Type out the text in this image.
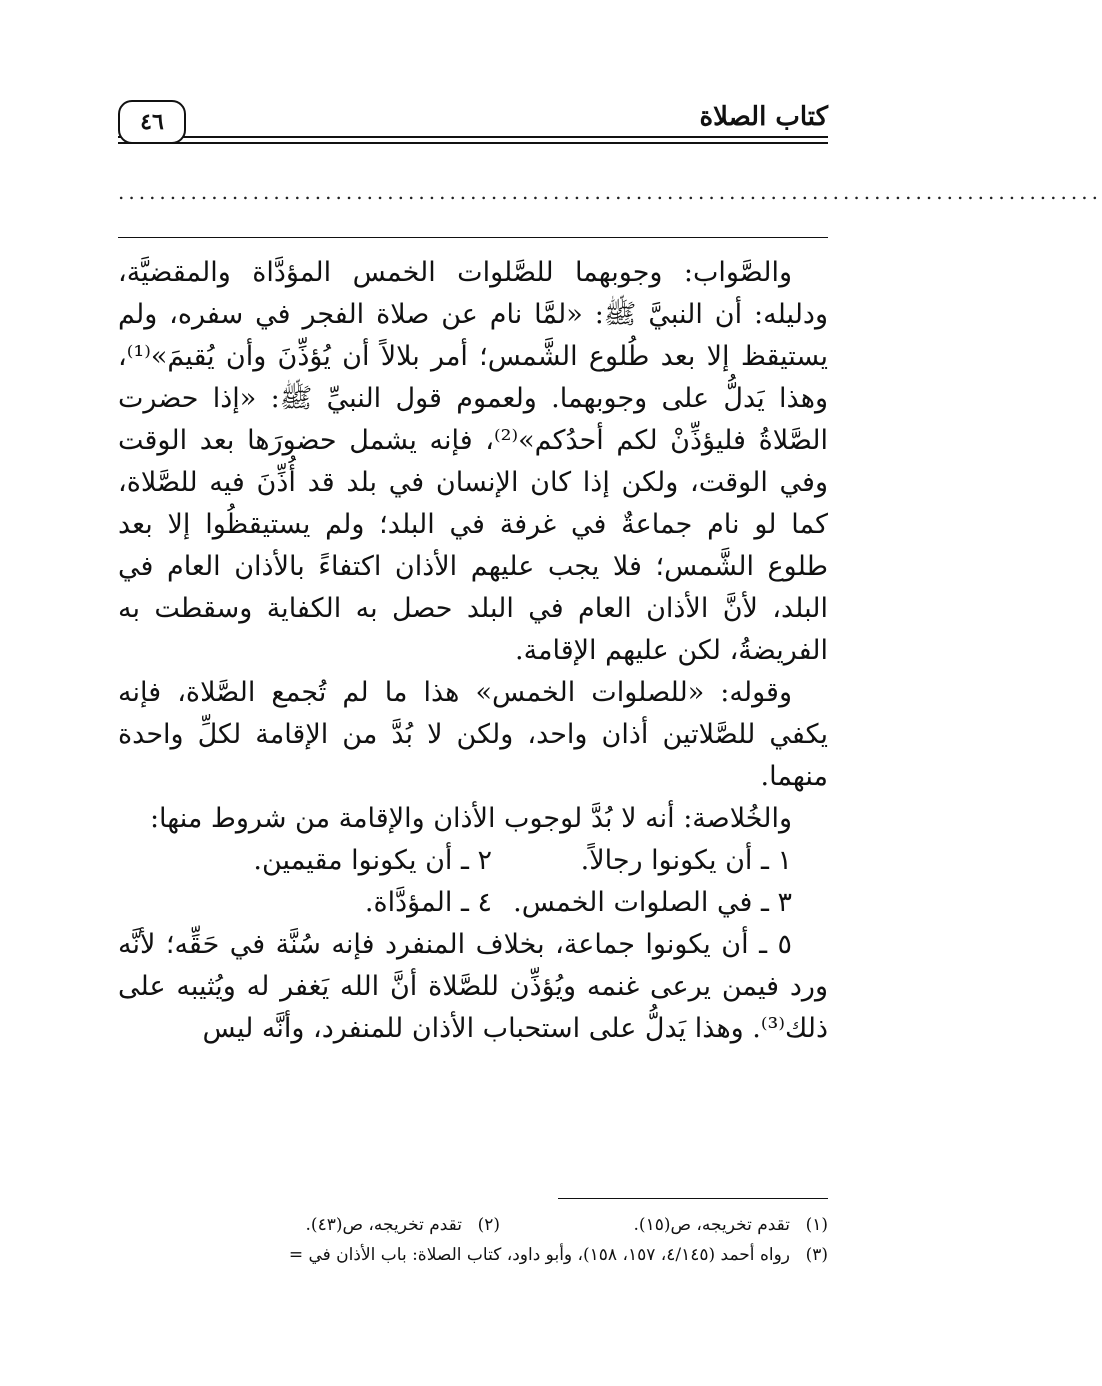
٤٦	كتاب الصلاة
...............................................................................................

والصَّواب: وجوبهما للصَّلوات الخمس المؤدَّاة والمقضيَّة، ودليله: أن النبيَّ ﷺ: «لمَّا نام عن صلاة الفجر في سفره، ولم يستيقظ إلا بعد طُلوع الشَّمس؛ أمر بلالاً أن يُؤذِّنَ وأن يُقيمَ»⁽¹⁾، وهذا يَدلُّ على وجوبهما. ولعموم قول النبيِّ ﷺ: «إذا حضرت الصَّلاةُ فليؤذِّنْ لكم أحدُكم»⁽²⁾، فإنه يشمل حضورَها بعد الوقت وفي الوقت، ولكن إذا كان الإنسان في بلد قد أُذِّنَ فيه للصَّلاة، كما لو نام جماعةٌ في غرفة في البلد؛ ولم يستيقظُوا إلا بعد طلوع الشَّمس؛ فلا يجب عليهم الأذان اكتفاءً بالأذان العام في البلد، لأنَّ الأذان العام في البلد حصل به الكفاية وسقطت به الفريضةُ، لكن عليهم الإقامة.

وقوله: «للصلوات الخمس» هذا ما لم تُجمع الصَّلاة، فإنه يكفي للصَّلاتين أذان واحد، ولكن لا بُدَّ من الإقامة لكلِّ واحدة منهما.

والخُلاصة: أنه لا بُدَّ لوجوب الأذان والإقامة من شروط منها:

١ ـ أن يكونوا رجالاً.
٢ ـ أن يكونوا مقيمين.
٣ ـ في الصلوات الخمس.
٤ ـ المؤدَّاة.

٥ ـ أن يكونوا جماعة، بخلاف المنفرد فإنه سُنَّة في حَقِّه؛ لأنَّه ورد فيمن يرعى غنمه ويُؤذِّن للصَّلاة أنَّ الله يَغفر له ويُثيبه على ذلك⁽³⁾. وهذا يَدلُّ على استحباب الأذان للمنفرد، وأنَّه ليس

(١)
تقدم تخريجه، ص(١٥).
(٢)
تقدم تخريجه، ص(٤٣).
(٣)
رواه أحمد (٤/١٤٥، ١٥٧، ١٥٨)، وأبو داود، كتاب الصلاة: باب الأذان في =
